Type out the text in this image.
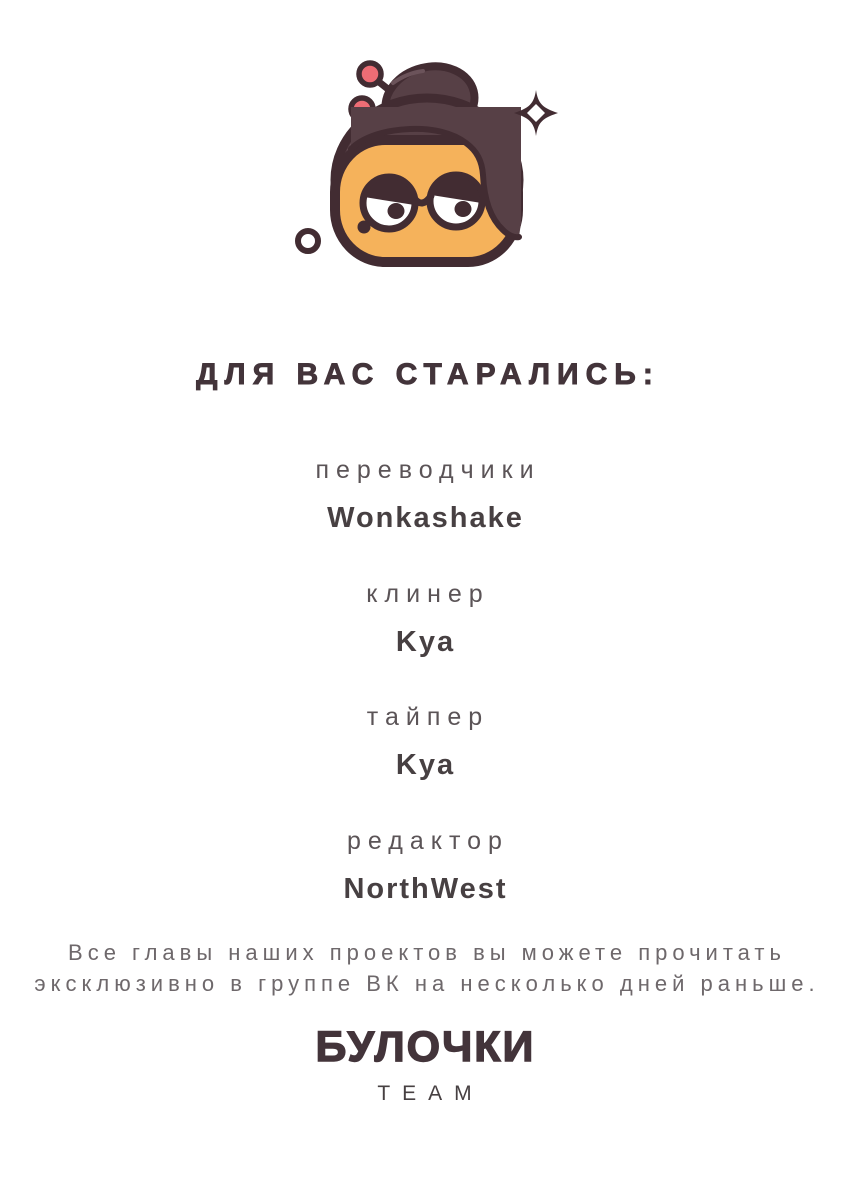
ДЛЯ ВАС СТАРАЛИСЬ:
переводчики
Wonkashake
клинер
Kya
тайпер
Kya
редактор
NorthWest
Все главы наших проектов вы можете прочитать
эксклюзивно в группе ВК на несколько дней раньше.
БУЛОЧКИ
TEAM
